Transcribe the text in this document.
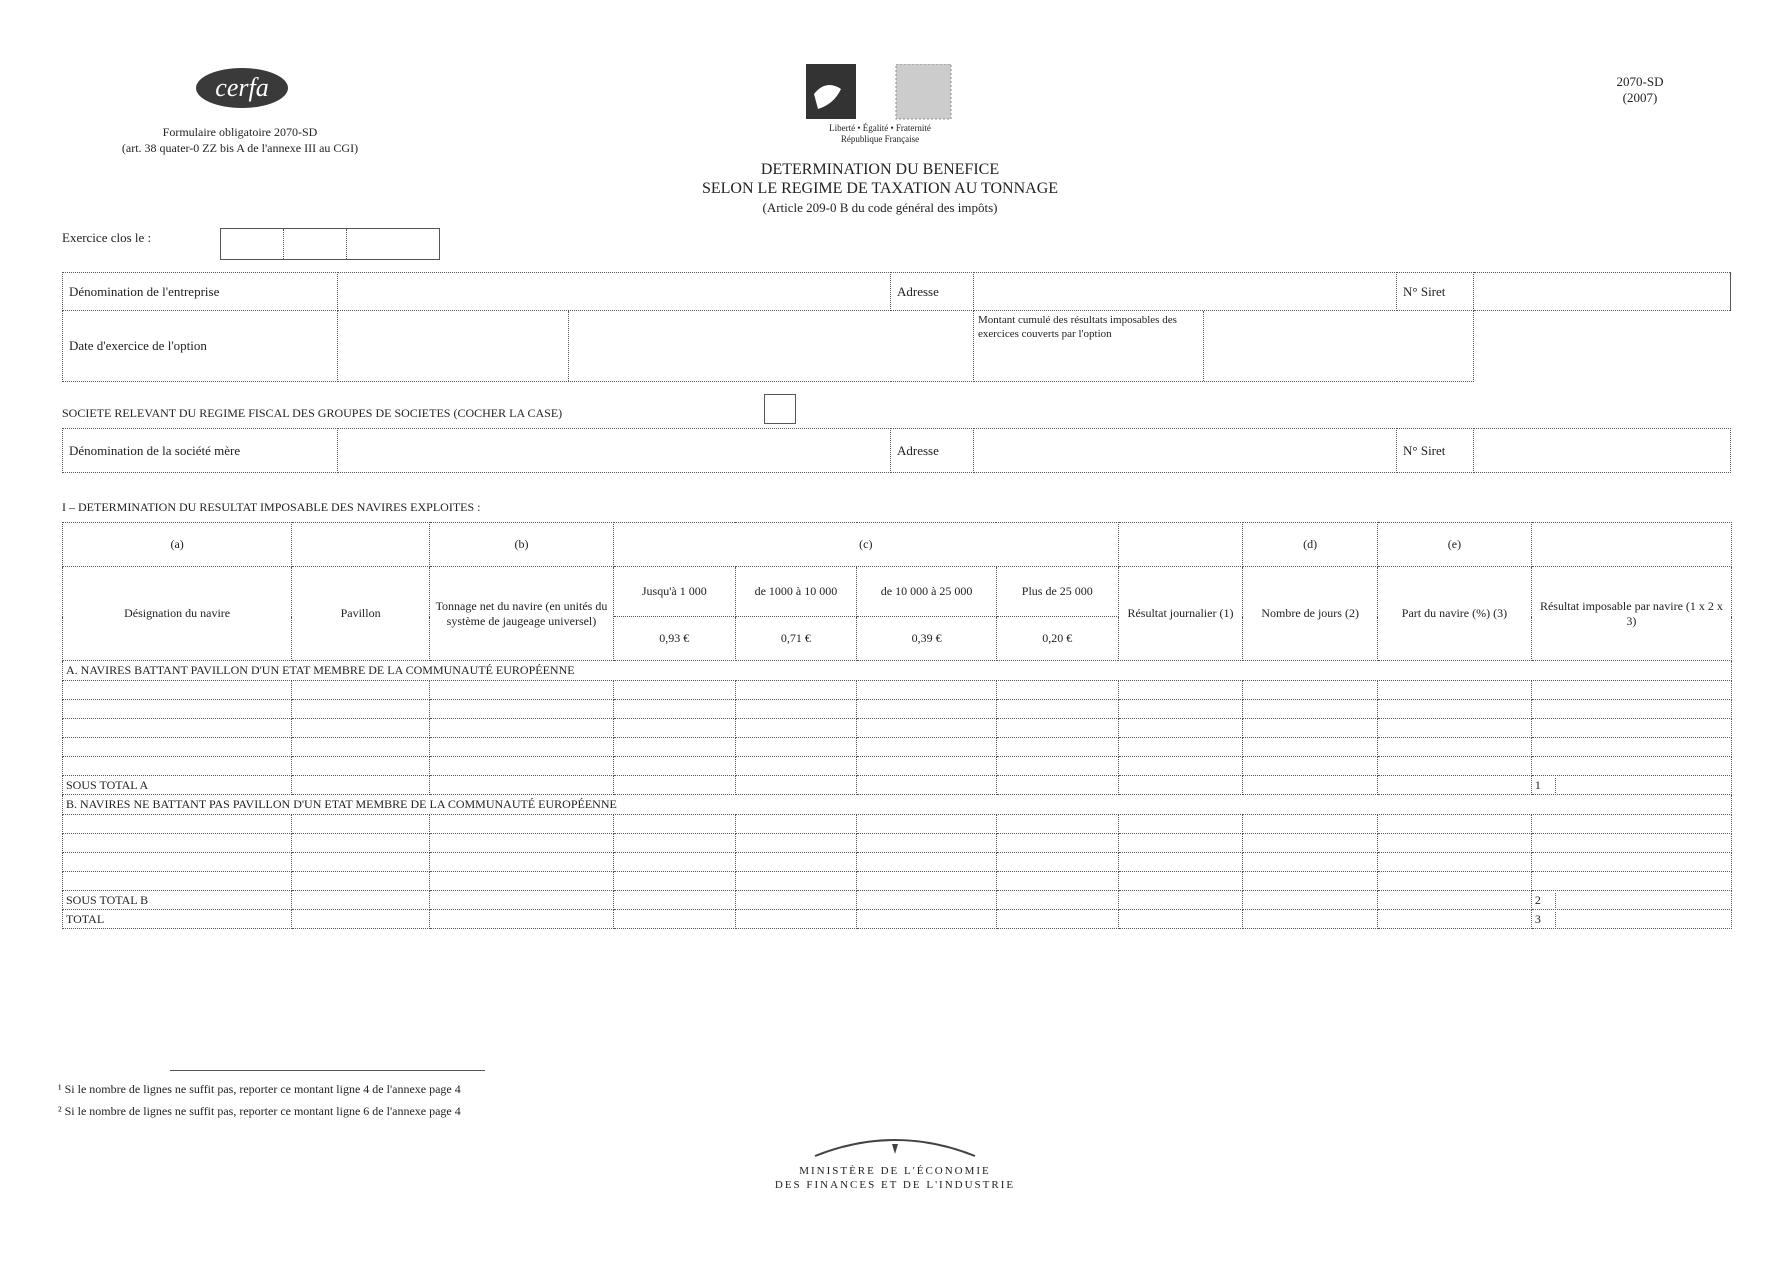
cerfa
Formulaire obligatoire 2070-SD
(art. 38 quater-0 ZZ bis A de l'annexe III au CGI)
Liberté • Égalité • Fraternité
République Française
DETERMINATION DU BENEFICE
SELON LE REGIME DE TAXATION AU TONNAGE
(Article 209-0 B du code général des impôts)
2070-SD
(2007)
Exercice clos le :
Dénomination de l'entreprise		Adresse		N° Siret	
Date d'exercice de l'option			Montant cumulé des résultats imposables des exercices couverts par l'option		

SOCIETE RELEVANT DU REGIME FISCAL DES GROUPES DE SOCIETES (COCHER LA CASE)
Dénomination de la société mère		Adresse		N° Siret	
I – DETERMINATION DU RESULTAT IMPOSABLE DES NAVIRES EXPLOITES :
(a)		(b)	(c)					(d)	(e)	
Désignation du navire	Pavillon	Tonnage net du navire (en unités du système de jaugeage universel)	Jusqu'à 1 000	de 1000 à 10 000	de 10 000 à 25 000	Plus de 25 000	Résultat journalier (1)	Nombre de jours (2)	Part du navire (%) (3)	Résultat imposable par navire (1 x 2 x 3)
			0,93 €	0,71 €	0,39 €	0,20 €				
A. NAVIRES BATTANT PAVILLON D'UN ETAT MEMBRE DE LA COMMUNAUTÉ EUROPÉENNE										

SOUS TOTAL A										1
B. NAVIRES NE BATTANT PAS PAVILLON D'UN ETAT MEMBRE DE LA COMMUNAUTÉ EUROPÉENNE										

SOUS TOTAL B										2
TOTAL										3
¹ Si le nombre de lignes ne suffit pas, reporter ce montant ligne 4 de l'annexe page 4
² Si le nombre de lignes ne suffit pas, reporter ce montant ligne 6 de l'annexe page 4
MINISTÈRE DE L'ÉCONOMIE
DES FINANCES ET DE L'INDUSTRIE
